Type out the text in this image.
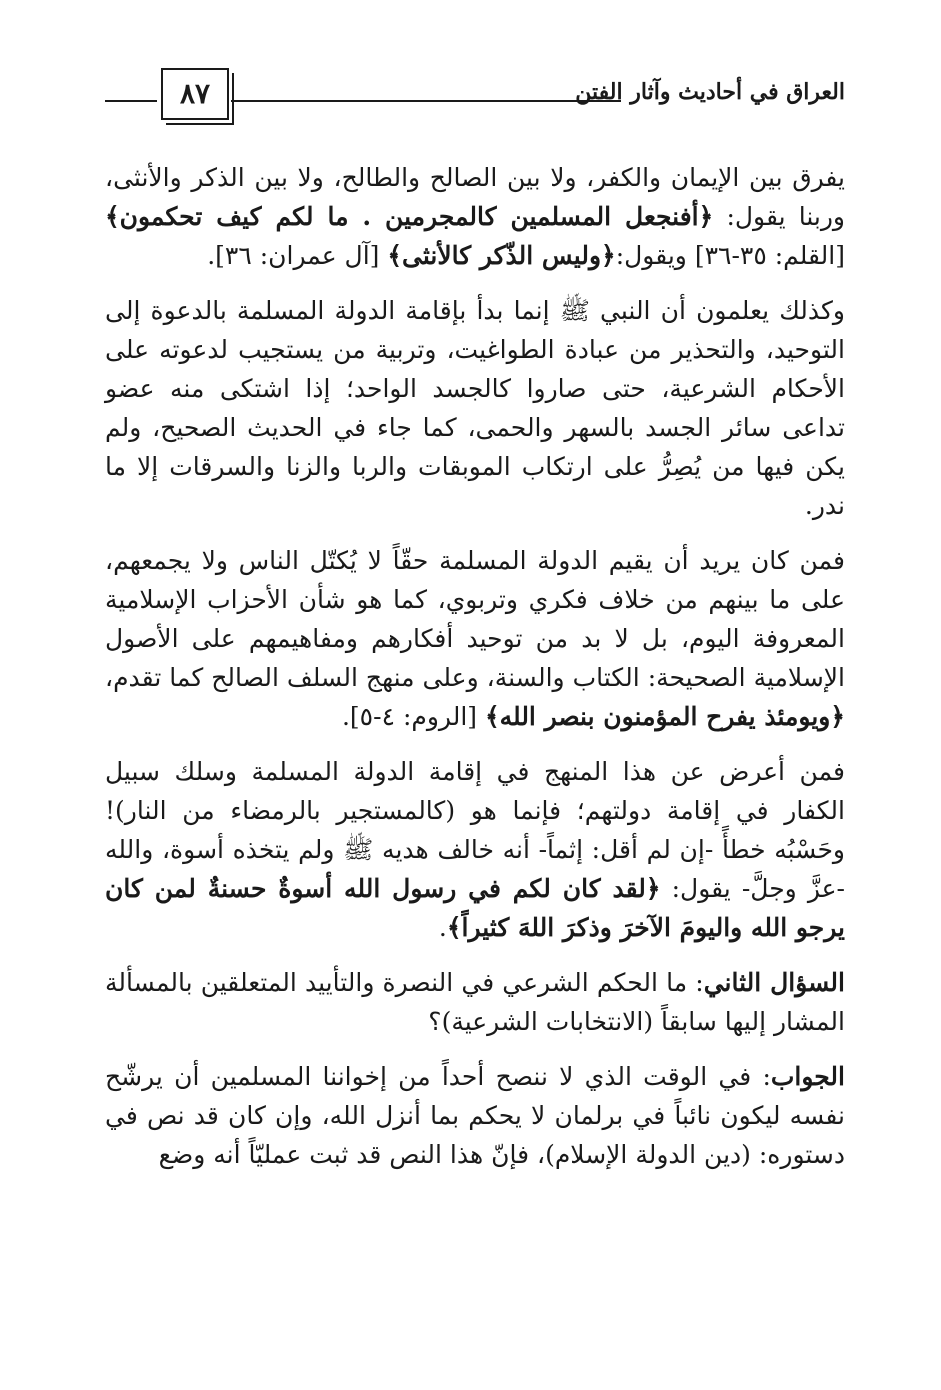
٨٧	العراق في أحاديث وآثار الفتن

يفرق بين الإيمان والكفر، ولا بين الصالح والطالح، ولا بين الذكر والأنثى، وربنا يقول: ﴿أفنجعل المسلمين كالمجرمين . ما لكم كيف تحكمون﴾ [القلم: ٣٥-٣٦] ويقول:﴿وليس الذّكر كالأنثى﴾ [آل عمران: ٣٦].

وكذلك يعلمون أن النبي ﷺ إنما بدأ بإقامة الدولة المسلمة بالدعوة إلى التوحيد، والتحذير من عبادة الطواغيت، وتربية من يستجيب لدعوته على الأحكام الشرعية، حتى صاروا كالجسد الواحد؛ إذا اشتكى منه عضو تداعى سائر الجسد بالسهر والحمى، كما جاء في الحديث الصحيح، ولم يكن فيها من يُصِرُّ على ارتكاب الموبقات والربا والزنا والسرقات إلا ما ندر.

فمن كان يريد أن يقيم الدولة المسلمة حقّاً لا يُكتّل الناس ولا يجمعهم، على ما بينهم من خلاف فكري وتربوي، كما هو شأن الأحزاب الإسلامية المعروفة اليوم، بل لا بد من توحيد أفكارهم ومفاهيمهم على الأصول الإسلامية الصحيحة: الكتاب والسنة، وعلى منهج السلف الصالح كما تقدم، ﴿ويومئذ يفرح المؤمنون بنصر الله﴾ [الروم: ٤-٥].

فمن أعرض عن هذا المنهج في إقامة الدولة المسلمة وسلك سبيل الكفار في إقامة دولتهم؛ فإنما هو (كالمستجير بالرمضاء من النار)! وحَسْبُه خطأً -إن لم أقل: إثماً- أنه خالف هديه ﷺ ولم يتخذه أسوة، والله -عزَّ وجلَّ- يقول: ﴿لقد كان لكم في رسول الله أسوةٌ حسنةٌ لمن كان يرجو الله واليومَ الآخرَ وذكرَ اللهَ كثيراً﴾.

السؤال الثاني: ما الحكم الشرعي في النصرة والتأييد المتعلقين بالمسألة المشار إليها سابقاً (الانتخابات الشرعية)؟

الجواب: في الوقت الذي لا ننصح أحداً من إخواننا المسلمين أن يرشّح نفسه ليكون نائباً في برلمان لا يحكم بما أنزل الله، وإن كان قد نص في دستوره: (دين الدولة الإسلام)، فإنّ هذا النص قد ثبت عمليّاً أنه وضع
